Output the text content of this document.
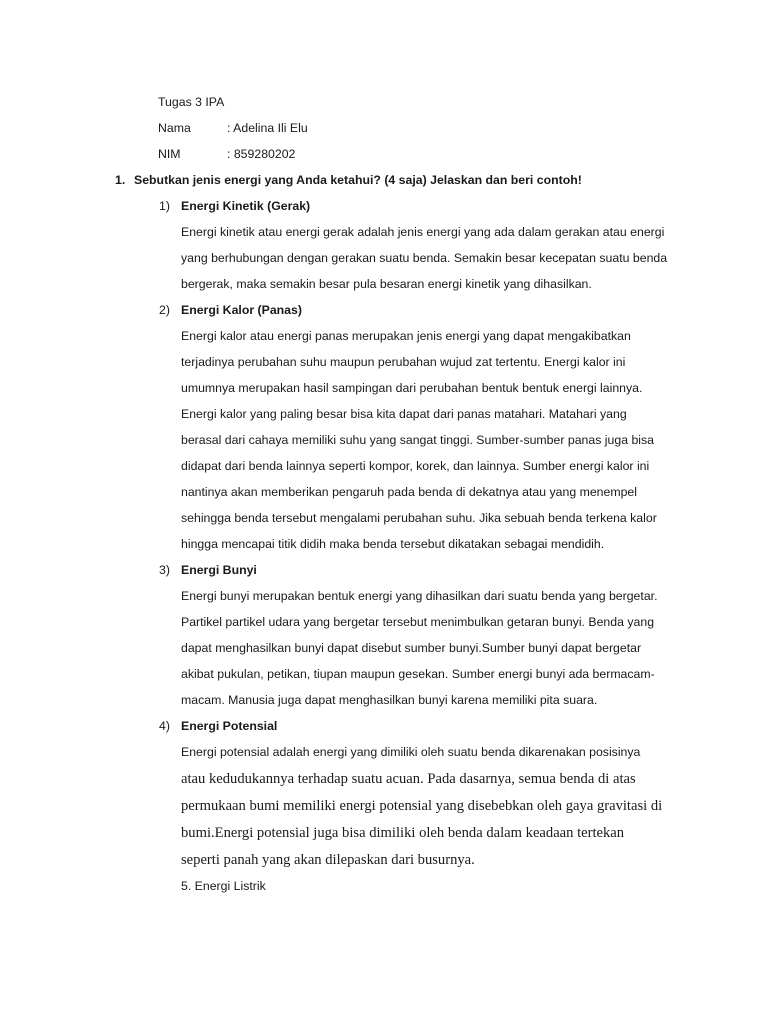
Tugas 3 IPA
Nama	: Adelina Ili Elu
NIM	: 859280202
1. Sebutkan jenis energi yang Anda ketahui? (4 saja) Jelaskan dan beri contoh!
1) Energi Kinetik (Gerak)
Energi kinetik atau energi gerak adalah jenis energi yang ada dalam gerakan atau energi
yang berhubungan dengan gerakan suatu benda. Semakin besar kecepatan suatu benda
bergerak, maka semakin besar pula besaran energi kinetik yang dihasilkan.
2) Energi Kalor (Panas)
Energi kalor atau energi panas merupakan jenis energi yang dapat mengakibatkan
terjadinya perubahan suhu maupun perubahan wujud zat tertentu. Energi kalor ini
umumnya merupakan hasil sampingan dari perubahan bentuk bentuk energi lainnya.
Energi kalor yang paling besar bisa kita dapat dari panas matahari. Matahari yang
berasal dari cahaya memiliki suhu yang sangat tinggi. Sumber-sumber panas juga bisa
didapat dari benda lainnya seperti kompor, korek, dan lainnya. Sumber energi kalor ini
nantinya akan memberikan pengaruh pada benda di dekatnya atau yang menempel
sehingga benda tersebut mengalami perubahan suhu. Jika sebuah benda terkena kalor
hingga mencapai titik didih maka benda tersebut dikatakan sebagai mendidih.
3) Energi Bunyi
Energi bunyi merupakan bentuk energi yang dihasilkan dari suatu benda yang bergetar.
Partikel partikel udara yang bergetar tersebut menimbulkan getaran bunyi. Benda yang
dapat menghasilkan bunyi dapat disebut sumber bunyi.Sumber bunyi dapat bergetar
akibat pukulan, petikan, tiupan maupun gesekan. Sumber energi bunyi ada bermacam-
macam. Manusia juga dapat menghasilkan bunyi karena memiliki pita suara.
4) Energi Potensial
Energi potensial adalah energi yang dimiliki oleh suatu benda dikarenakan posisinya
atau kedudukannya terhadap suatu acuan. Pada dasarnya, semua benda di atas
permukaan bumi memiliki energi potensial yang disebebkan oleh gaya gravitasi di
bumi.Energi potensial juga bisa dimiliki oleh benda dalam keadaan tertekan
seperti panah yang akan dilepaskan dari busurnya.
5. Energi Listrik
